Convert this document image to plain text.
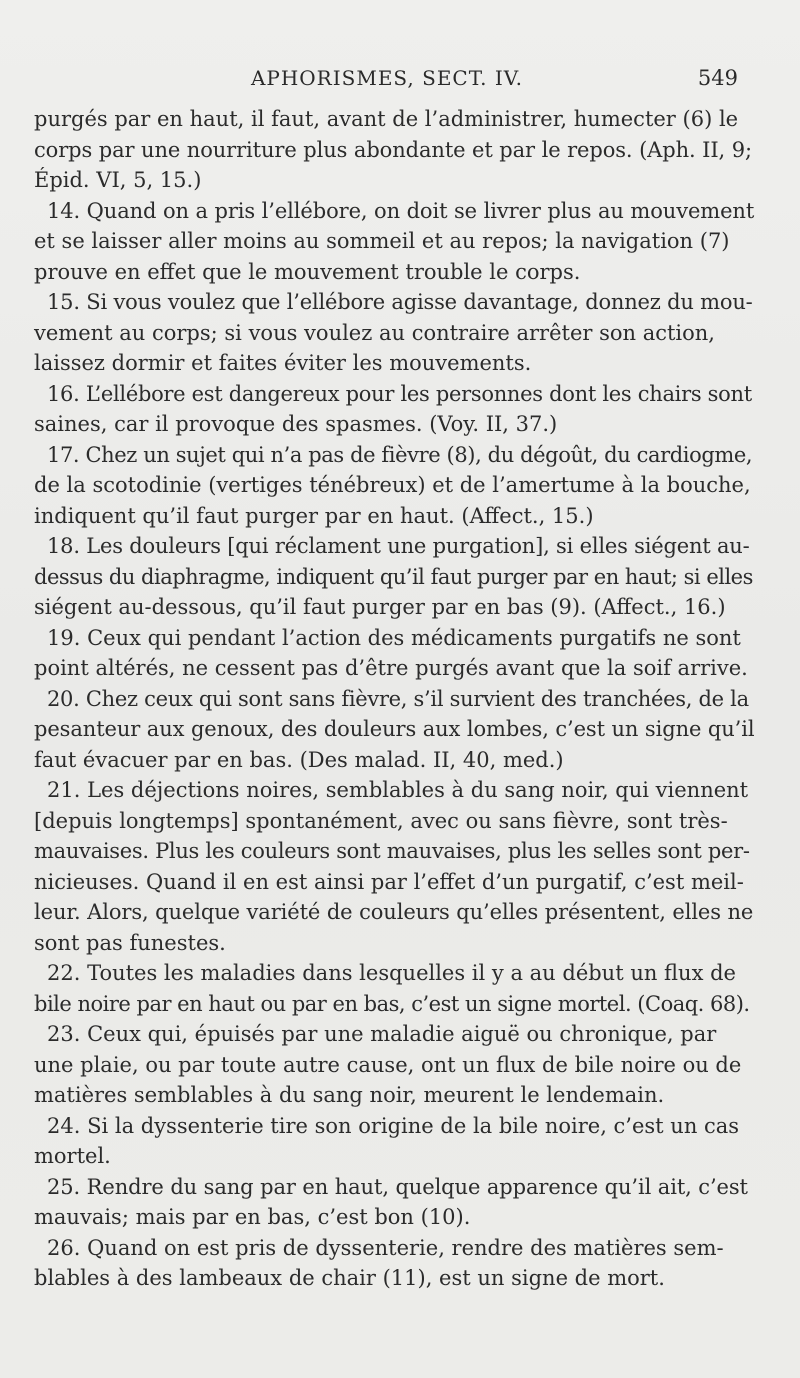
APHORISMES, SECT. IV.	549
purgés par en haut, il faut, avant de l’administrer, humecter (6) le
corps par une nourriture plus abondante et par le repos. (Aph. II, 9;
Épid. VI, 5, 15.)
14. Quand on a pris l’ellébore, on doit se livrer plus au mouvement
et se laisser aller moins au sommeil et au repos; la navigation (7)
prouve en effet que le mouvement trouble le corps.
15. Si vous voulez que l’ellébore agisse davantage, donnez du mou-
vement au corps; si vous voulez au contraire arrêter son action,
laissez dormir et faites éviter les mouvements.
16. L’ellébore est dangereux pour les personnes dont les chairs sont
saines, car il provoque des spasmes. (Voy. II, 37.)
17. Chez un sujet qui n’a pas de fièvre (8), du dégoût, du cardiogme,
de la scotodinie (vertiges ténébreux) et de l’amertume à la bouche,
indiquent qu’il faut purger par en haut. (Affect., 15.)
18. Les douleurs [qui réclament une purgation], si elles siégent au-
dessus du diaphragme, indiquent qu’il faut purger par en haut; si elles
siégent au-dessous, qu’il faut purger par en bas (9). (Affect., 16.)
19. Ceux qui pendant l’action des médicaments purgatifs ne sont
point altérés, ne cessent pas d’être purgés avant que la soif arrive.
20. Chez ceux qui sont sans fièvre, s’il survient des tranchées, de la
pesanteur aux genoux, des douleurs aux lombes, c’est un signe qu’il
faut évacuer par en bas. (Des malad. II, 40, med.)
21. Les déjections noires, semblables à du sang noir, qui viennent
[depuis longtemps] spontanément, avec ou sans fièvre, sont très-
mauvaises. Plus les couleurs sont mauvaises, plus les selles sont per-
nicieuses. Quand il en est ainsi par l’effet d’un purgatif, c’est meil-
leur. Alors, quelque variété de couleurs qu’elles présentent, elles ne
sont pas funestes.
22. Toutes les maladies dans lesquelles il y a au début un flux de
bile noire par en haut ou par en bas, c’est un signe mortel. (Coaq. 68).
23. Ceux qui, épuisés par une maladie aiguë ou chronique, par
une plaie, ou par toute autre cause, ont un flux de bile noire ou de
matières semblables à du sang noir, meurent le lendemain.
24. Si la dyssenterie tire son origine de la bile noire, c’est un cas
mortel.
25. Rendre du sang par en haut, quelque apparence qu’il ait, c’est
mauvais; mais par en bas, c’est bon (10).
26. Quand on est pris de dyssenterie, rendre des matières sem-
blables à des lambeaux de chair (11), est un signe de mort.
